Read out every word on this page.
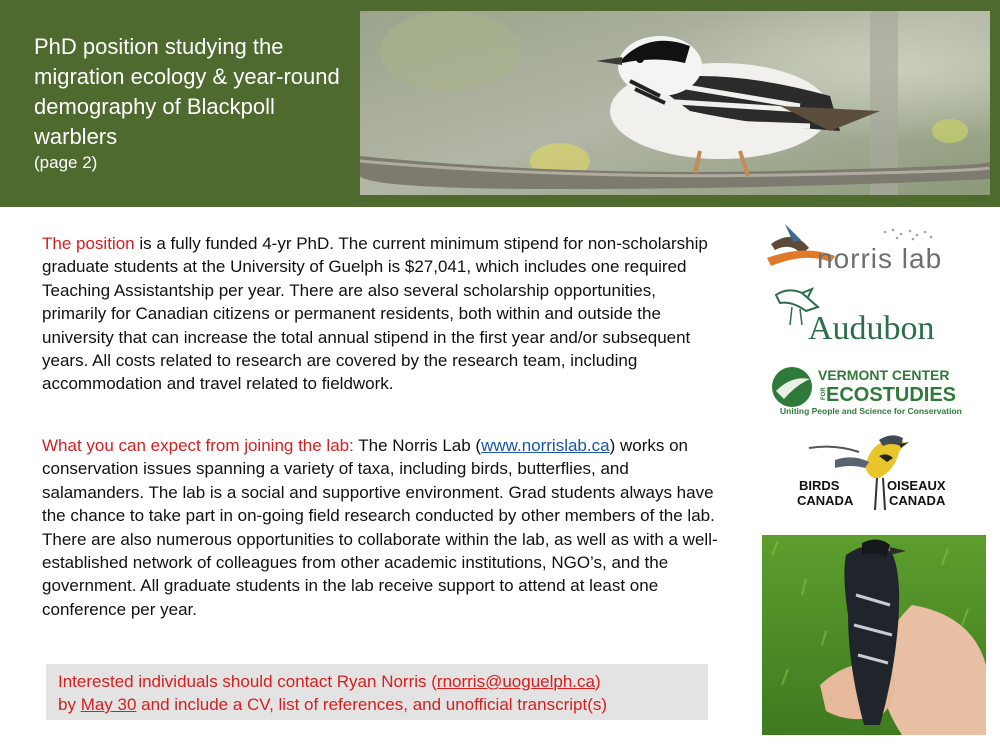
PhD position studying the migration ecology & year-round demography of Blackpoll warblers
(page 2)
The position is a fully funded 4-yr PhD. The current minimum stipend for non-scholarship graduate students at the University of Guelph is $27,041, which includes one required Teaching Assistantship per year. There are also several scholarship opportunities, primarily for Canadian citizens or permanent residents, both within and outside the university that can increase the total annual stipend in the first year and/or subsequent years. All costs related to research are covered by the research team, including accommodation and travel related to fieldwork.
What you can expect from joining the lab: The Norris Lab (www.norrislab.ca) works on conservation issues spanning a variety of taxa, including birds, butterflies, and salamanders. The lab is a social and supportive environment. Grad students always have the chance to take part in on-going field research conducted by other members of the lab. There are also numerous opportunities to collaborate within the lab, as well as with a well-established network of colleagues from other academic institutions, NGO’s, and the government. All graduate students in the lab receive support to attend at least one conference per year.
Interested individuals should contact Ryan Norris (rnorris@uoguelph.ca)
by May 30 and include a CV, list of references, and unofficial transcript(s)
norris lab
Audubon
VERMONT CENTER
FOR ECOSTUDIES
Uniting People and Science for Conservation
BIRDS
CANADA
OISEAUX
CANADA
